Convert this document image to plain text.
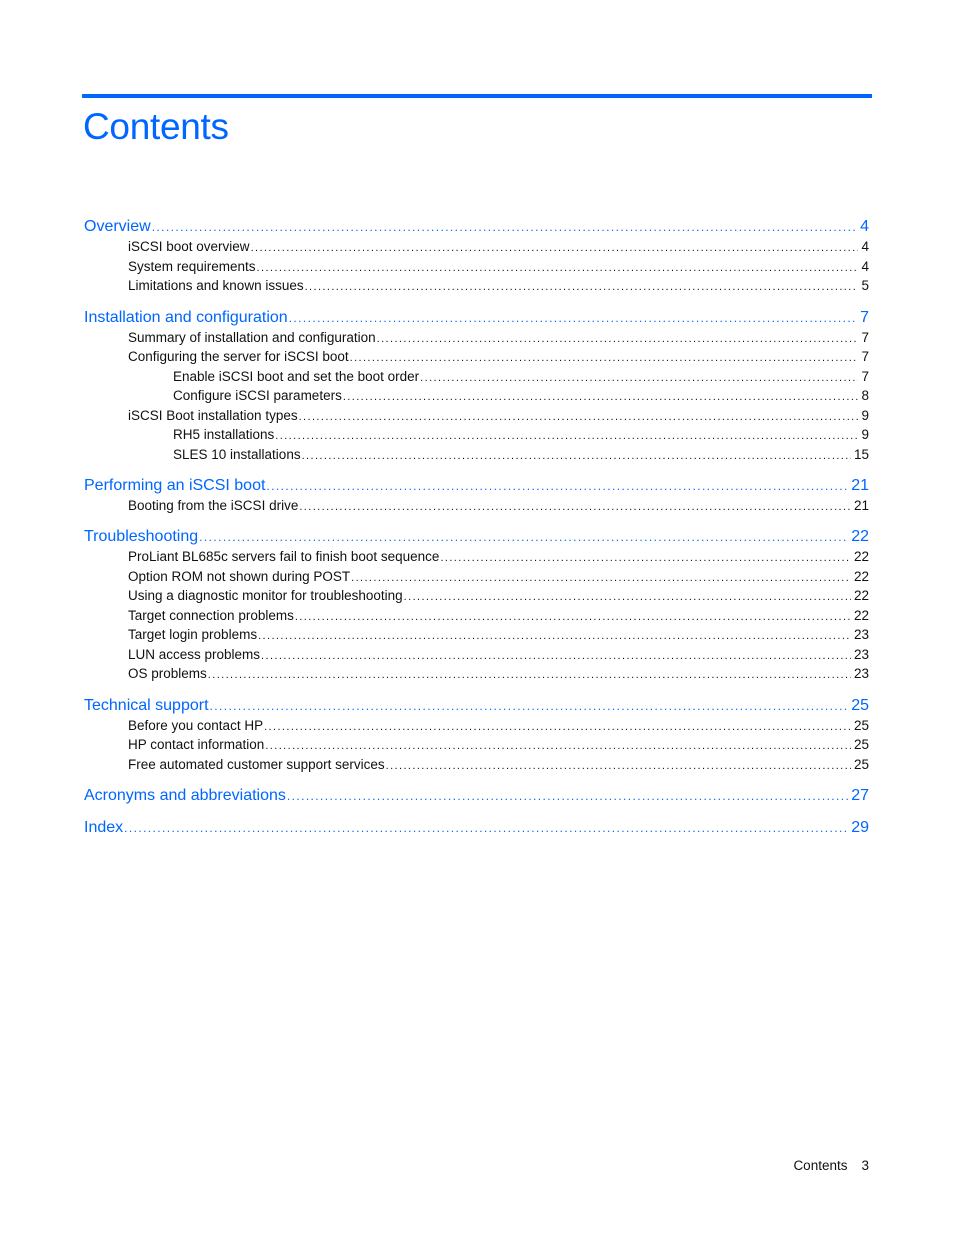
Contents
Overview .....	4
iSCSI boot overview .....	4
System requirements .....	4
Limitations and known issues .....	5
Installation and configuration .....	7
Summary of installation and configuration .....	7
Configuring the server for iSCSI boot .....	7
Enable iSCSI boot and set the boot order .....	7
Configure iSCSI parameters .....	8
iSCSI Boot installation types .....	9
RH5 installations .....	9
SLES 10 installations .....	15
Performing an iSCSI boot .....	21
Booting from the iSCSI drive .....	21
Troubleshooting .....	22
ProLiant BL685c servers fail to finish boot sequence .....	22
Option ROM not shown during POST .....	22
Using a diagnostic monitor for troubleshooting .....	22
Target connection problems .....	22
Target login problems .....	23
LUN access problems .....	23
OS problems .....	23
Technical support .....	25
Before you contact HP .....	25
HP contact information .....	25
Free automated customer support services .....	25
Acronyms and abbreviations .....	27
Index .....	29
Contents 3
